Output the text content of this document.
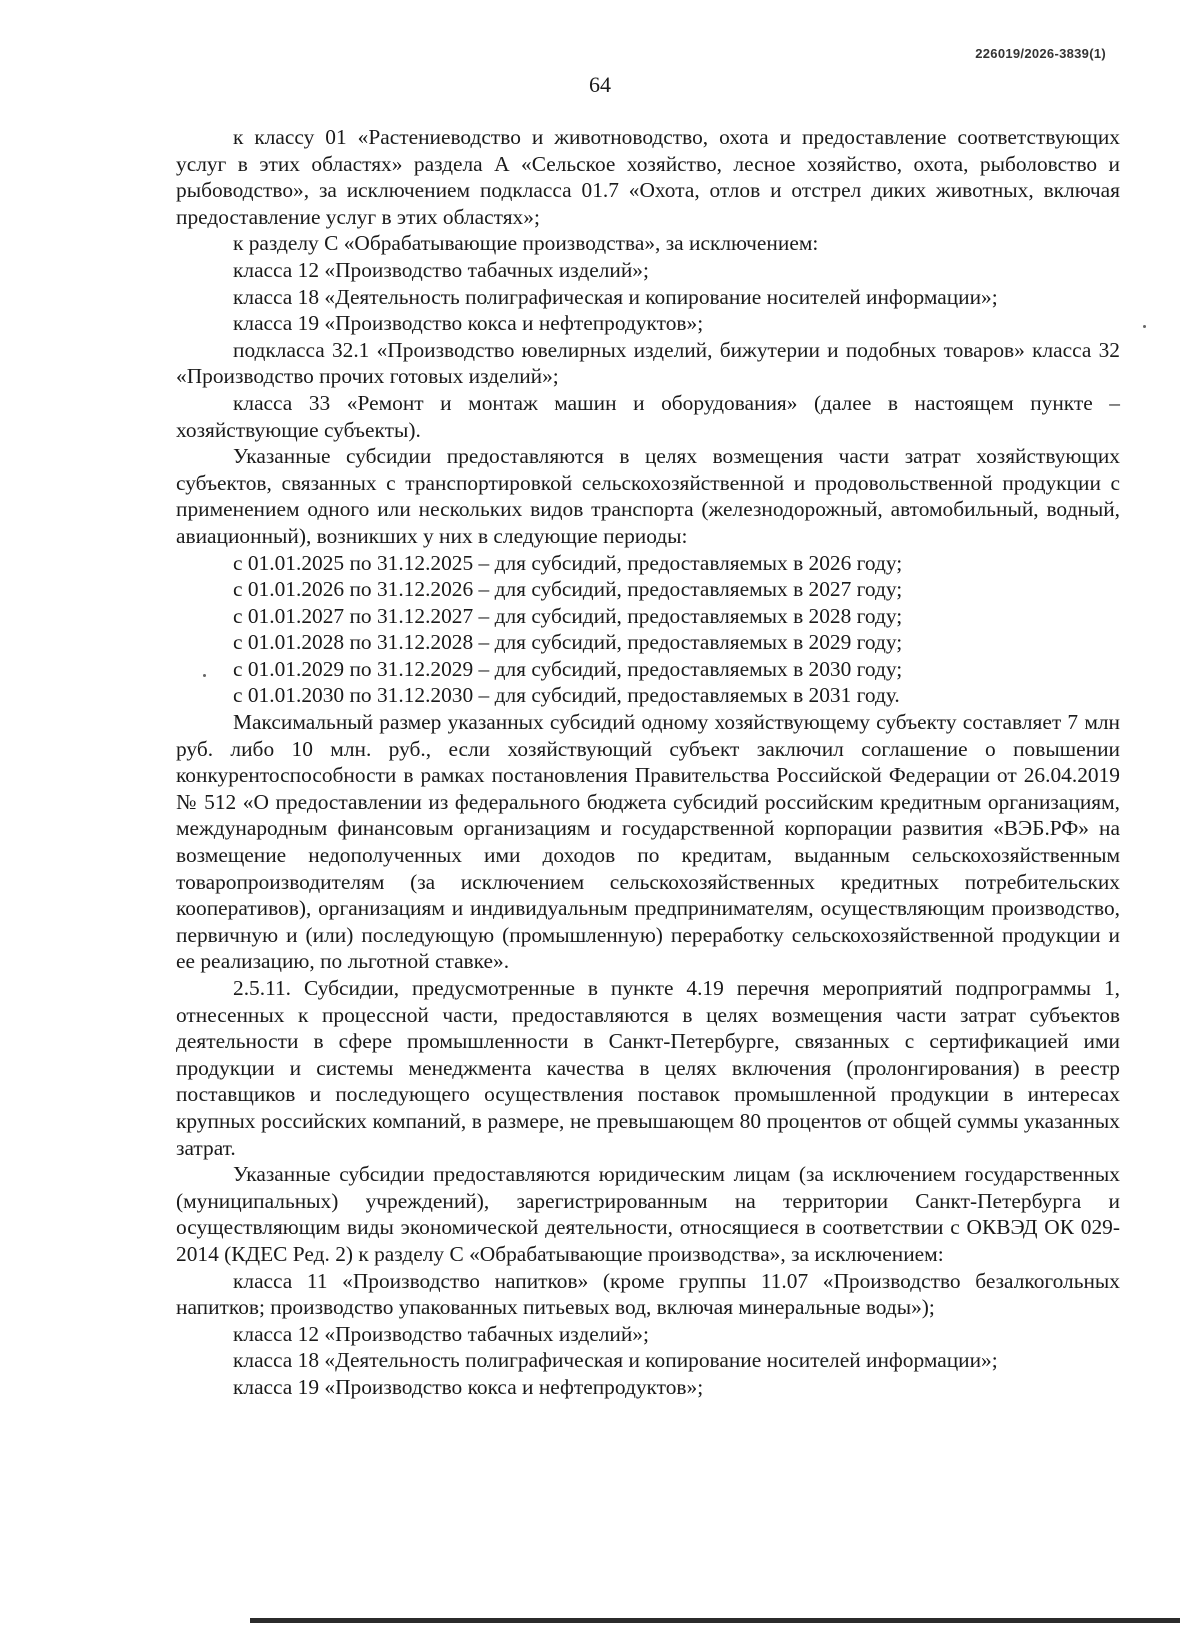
226019/2026-3839(1)
64

к классу 01 «Растениеводство и животноводство, охота и предоставление соответствующих услуг в этих областях» раздела А «Сельское хозяйство, лесное хозяйство, охота, рыболовство и рыбоводство», за исключением подкласса 01.7 «Охота, отлов и отстрел диких животных, включая предоставление услуг в этих областях»;

к разделу С «Обрабатывающие производства», за исключением:

класса 12 «Производство табачных изделий»;

класса 18 «Деятельность полиграфическая и копирование носителей информации»;

класса 19 «Производство кокса и нефтепродуктов»;

подкласса 32.1 «Производство ювелирных изделий, бижутерии и подобных товаров» класса 32 «Производство прочих готовых изделий»;

класса 33 «Ремонт и монтаж машин и оборудования» (далее в настоящем пункте – хозяйствующие субъекты).

Указанные субсидии предоставляются в целях возмещения части затрат хозяйствующих субъектов, связанных с транспортировкой сельскохозяйственной и продовольственной продукции с применением одного или нескольких видов транспорта (железнодорожный, автомобильный, водный, авиационный), возникших у них в следующие периоды:

с 01.01.2025 по 31.12.2025 – для субсидий, предоставляемых в 2026 году;

с 01.01.2026 по 31.12.2026 – для субсидий, предоставляемых в 2027 году;

с 01.01.2027 по 31.12.2027 – для субсидий, предоставляемых в 2028 году;

с 01.01.2028 по 31.12.2028 – для субсидий, предоставляемых в 2029 году;

с 01.01.2029 по 31.12.2029 – для субсидий, предоставляемых в 2030 году;

с 01.01.2030 по 31.12.2030 – для субсидий, предоставляемых в 2031 году.

Максимальный размер указанных субсидий одному хозяйствующему субъекту составляет 7 млн руб. либо 10 млн. руб., если хозяйствующий субъект заключил соглашение о повышении конкурентоспособности в рамках постановления Правительства Российской Федерации от 26.04.2019 № 512 «О предоставлении из федерального бюджета субсидий российским кредитным организациям, международным финансовым организациям и государственной корпорации развития «ВЭБ.РФ» на возмещение недополученных ими доходов по кредитам, выданным сельскохозяйственным товаропроизводителям (за исключением сельскохозяйственных кредитных потребительских кооперативов), организациям и индивидуальным предпринимателям, осуществляющим производство, первичную и (или) последующую (промышленную) переработку сельскохозяйственной продукции и ее реализацию, по льготной ставке».

2.5.11. Субсидии, предусмотренные в пункте 4.19 перечня мероприятий подпрограммы 1, отнесенных к процессной части, предоставляются в целях возмещения части затрат субъектов деятельности в сфере промышленности в Санкт-Петербурге, связанных с сертификацией ими продукции и системы менеджмента качества в целях включения (пролонгирования) в реестр поставщиков и последующего осуществления поставок промышленной продукции в интересах крупных российских компаний, в размере, не превышающем 80 процентов от общей суммы указанных затрат.

Указанные субсидии предоставляются юридическим лицам (за исключением государственных (муниципальных) учреждений), зарегистрированным на территории Санкт-Петербурга и осуществляющим виды экономической деятельности, относящиеся в соответствии с ОКВЭД ОК 029-2014 (КДЕС Ред. 2) к разделу С «Обрабатывающие производства», за исключением:

класса 11 «Производство напитков» (кроме группы 11.07 «Производство безалкогольных напитков; производство упакованных питьевых вод, включая минеральные воды»);

класса 12 «Производство табачных изделий»;

класса 18 «Деятельность полиграфическая и копирование носителей информации»;

класса 19 «Производство кокса и нефтепродуктов»;
